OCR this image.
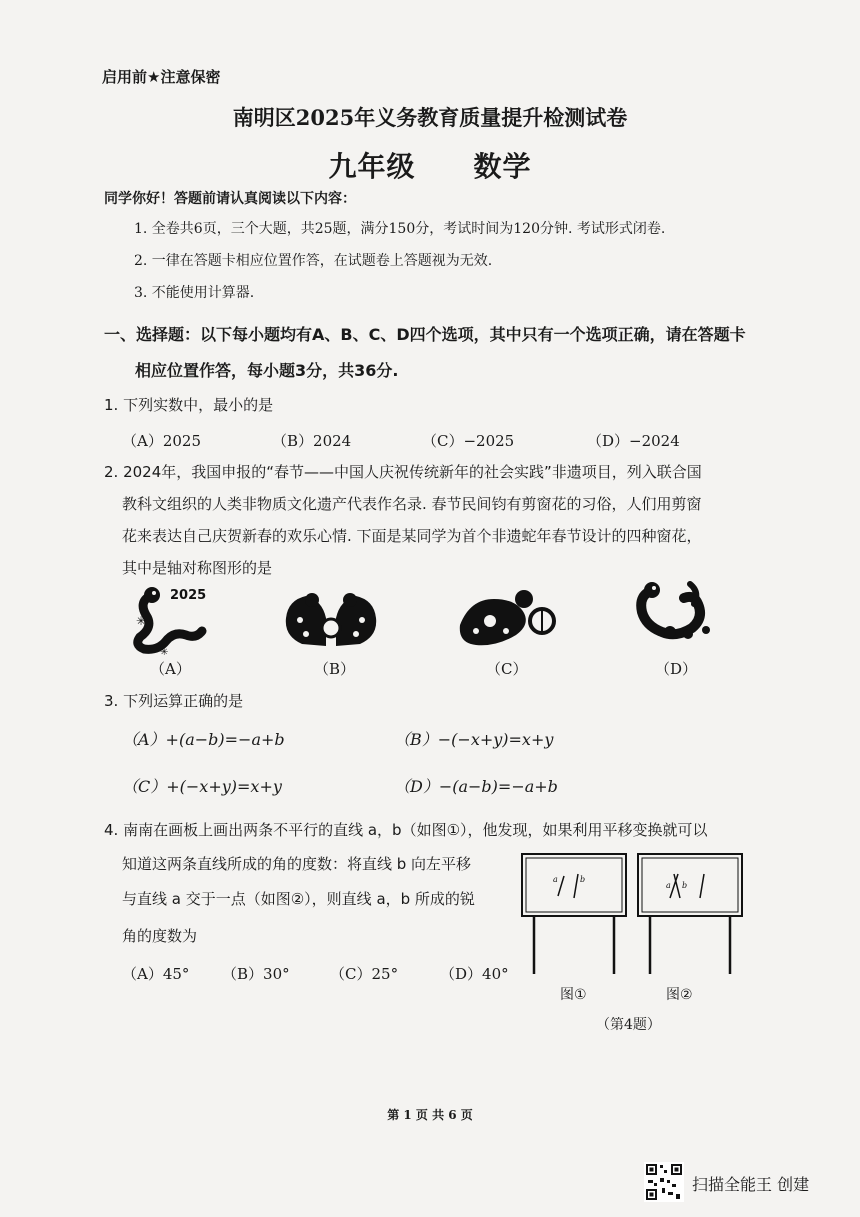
启用前★注意保密
南明区2025年义务教育质量提升检测试卷
九年级　　数学
同学你好！答题前请认真阅读以下内容：
1. 全卷共6页，三个大题，共25题，满分150分，考试时间为120分钟. 考试形式闭卷.
2. 一律在答题卡相应位置作答，在试题卷上答题视为无效.
3. 不能使用计算器.
一、选择题：以下每小题均有A、B、C、D四个选项，其中只有一个选项正确，请在答题卡
相应位置作答，每小题3分，共36分.
1. 下列实数中，最小的是
（A）2025	（B）2024	（C）−2025	（D）−2024
2. 2024年，我国申报的“春节——中国人庆祝传统新年的社会实践”非遗项目，列入联合国
教科文组织的人类非物质文化遗产代表作名录. 春节民间钧有剪窗花的习俗，人们用剪窗
花来表达自己庆贺新春的欢乐心情. 下面是某同学为首个非遗蛇年春节设计的四种窗花，
其中是轴对称图形的是
2025
✳
✳
（A）	（B）	（C）	（D）
3. 下列运算正确的是
（A）+(a−b)=−a+b	（B）−(−x+y)=x+y
（C）+(−x+y)=x+y	（D）−(a−b)=−a+b
4. 南南在画板上画出两条不平行的直线 a，b（如图①），他发现，如果利用平移变换就可以
知道这两条直线所成的角的度数：将直线 b 向左平移
与直线 a 交于一点（如图②），则直线 a，b 所成的锐
角的度数为
（A）45° （B）30°	（C）25°	（D）40°
a	b
a b
图①	图②
（第4题）
第 1 页 共 6 页
扫描全能王 创建
